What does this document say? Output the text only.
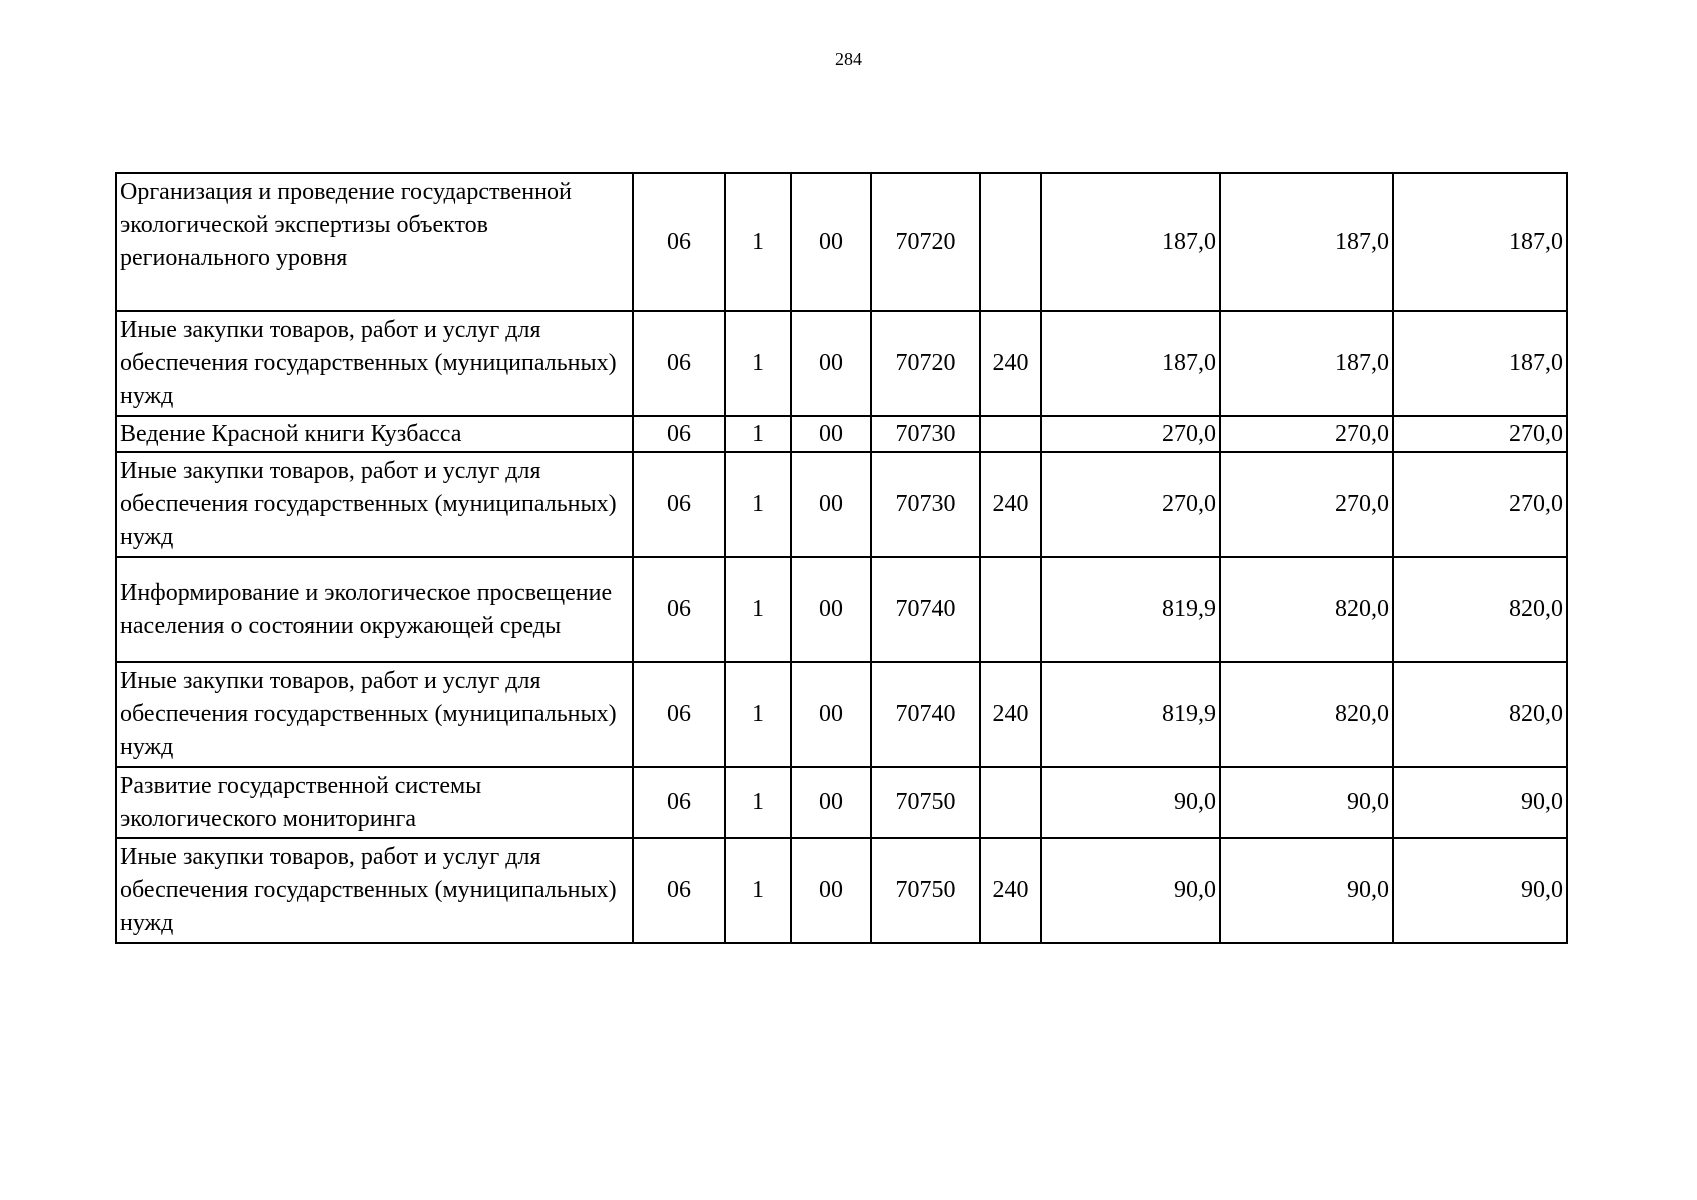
284
Организация и проведение государственной экологической экспертизы объектов регионального уровня	06	1	00	70720		187,0	187,0	187,0
Иные закупки товаров, работ и услуг для обеспечения государственных (муниципальных) нужд	06	1	00	70720	240	187,0	187,0	187,0
Ведение Красной книги Кузбасса	06	1	00	70730		270,0	270,0	270,0
Иные закупки товаров, работ и услуг для обеспечения государственных (муниципальных) нужд	06	1	00	70730	240	270,0	270,0	270,0
Информирование и экологическое просвещение населения о состоянии окружающей среды	06	1	00	70740		819,9	820,0	820,0
Иные закупки товаров, работ и услуг для обеспечения государственных (муниципальных) нужд	06	1	00	70740	240	819,9	820,0	820,0
Развитие государственной системы экологического мониторинга	06	1	00	70750		90,0	90,0	90,0
Иные закупки товаров, работ и услуг для обеспечения государственных (муниципальных) нужд	06	1	00	70750	240	90,0	90,0	90,0
